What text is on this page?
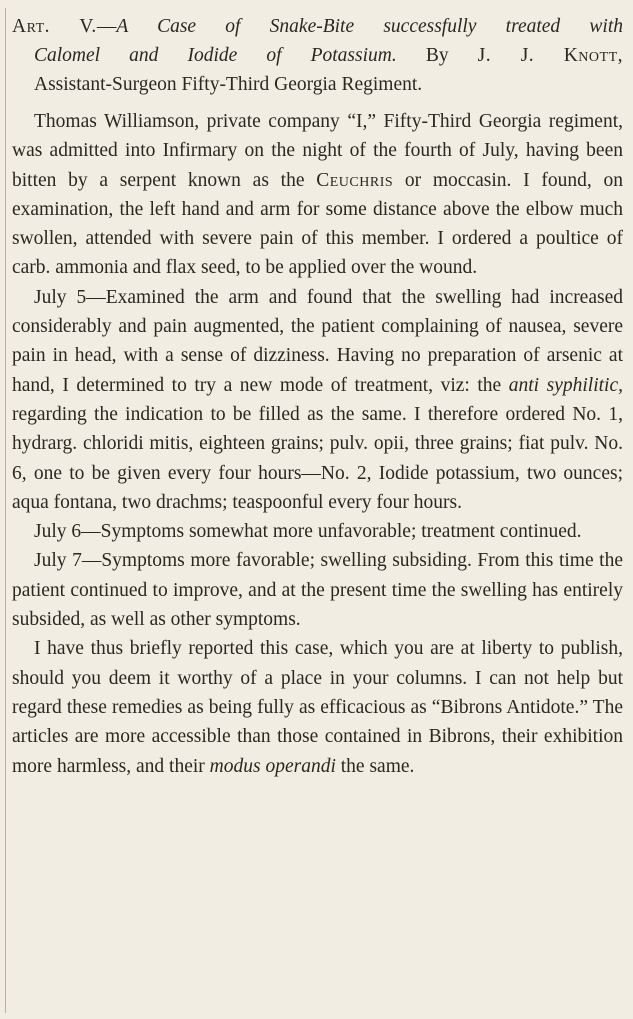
Art. V.—A Case of Snake-Bite successfully treated with
Calomel and Iodide of Potassium. By J. J. Knott,
Assistant-Surgeon Fifty-Third Georgia Regiment.

Thomas Williamson, private company “I,” Fifty-Third Georgia regiment, was admitted into Infirmary on the night of the fourth of July, having been bitten by a serpent known as the Ceuchris or moccasin. I found, on examination, the left hand and arm for some distance above the elbow much swollen, attended with severe pain of this member. I ordered a poultice of carb. ammonia and flax seed, to be applied over the wound.

July 5—Examined the arm and found that the swelling had increased considerably and pain augmented, the patient complaining of nausea, severe pain in head, with a sense of dizziness. Having no preparation of arsenic at hand, I determined to try a new mode of treatment, viz: the anti syphilitic, regarding the indication to be filled as the same. I therefore ordered No. 1, hydrarg. chloridi mitis, eighteen grains; pulv. opii, three grains; fiat pulv. No. 6, one to be given every four hours—No. 2, Iodide potassium, two ounces; aqua fontana, two drachms; teaspoonful every four hours.

July 6—Symptoms somewhat more unfavorable; treatment continued.

July 7—Symptoms more favorable; swelling subsiding. From this time the patient continued to improve, and at the present time the swelling has entirely subsided, as well as other symptoms.

I have thus briefly reported this case, which you are at liberty to publish, should you deem it worthy of a place in your columns. I can not help but regard these remedies as being fully as efficacious as “Bibrons Antidote.” The articles are more accessible than those contained in Bibrons, their exhibition more harmless, and their modus operandi the same.
